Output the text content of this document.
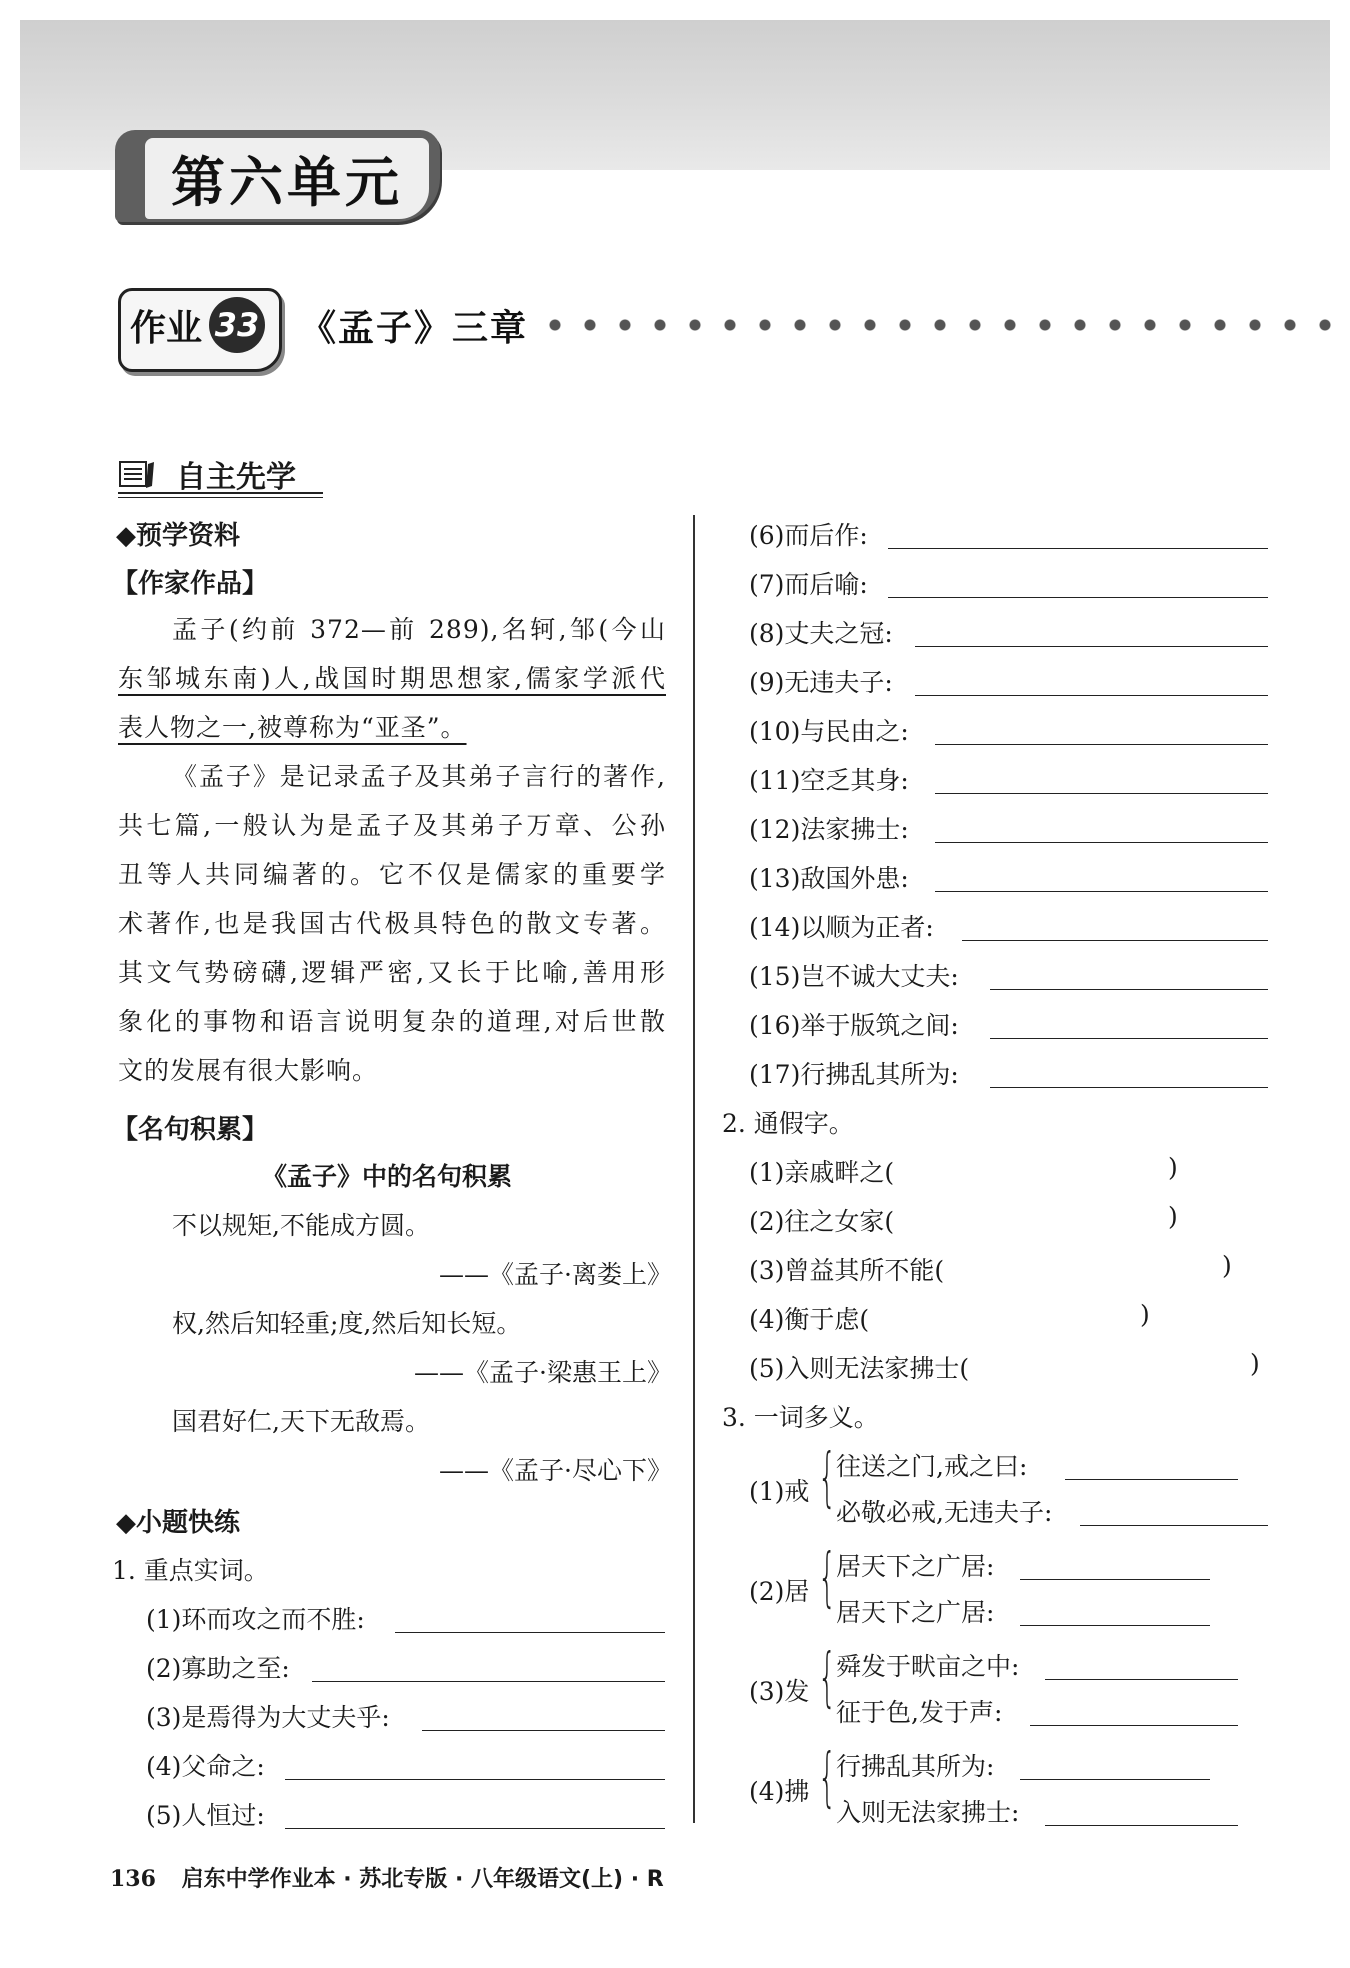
第六单元
作业 33 《孟子》三章
自主先学
◆预学资料
【作家作品】
孟子(约前 372—前 289),名轲,邹(今山
东邹城东南)人,战国时期思想家,儒家学派代
表人物之一,被尊称为“亚圣”。
《孟子》是记录孟子及其弟子言行的著作,
共七篇,一般认为是孟子及其弟子万章、公孙
丑等人共同编著的。它不仅是儒家的重要学
术著作,也是我国古代极具特色的散文专著。
其文气势磅礴,逻辑严密,又长于比喻,善用形
象化的事物和语言说明复杂的道理,对后世散
文的发展有很大影响。
【名句积累】
《孟子》中的名句积累
不以规矩,不能成方圆。
——《孟子·离娄上》
权,然后知轻重;度,然后知长短。
——《孟子·梁惠王上》
国君好仁,天下无敌焉。
——《孟子·尽心下》
◆小题快练
1. 重点实词。
(1)环而攻之而不胜:
(2)寡助之至:
(3)是焉得为大丈夫乎:
(4)父命之:
(5)人恒过:
(6)而后作:
(7)而后喻:
(8)丈夫之冠:
(9)无违夫子:
(10)与民由之:
(11)空乏其身:
(12)法家拂士:
(13)敌国外患:
(14)以顺为正者:
(15)岂不诚大丈夫:
(16)举于版筑之间:
(17)行拂乱其所为:
2. 通假字。
(1)亲戚畔之(	)
(2)往之女家(	)
(3)曾益其所不能(	)
(4)衡于虑(	)
(5)入则无法家拂士(	)
3. 一词多义。
(1)戒 { 往送之门,戒之曰:
必敬必戒,无违夫子:
(2)居 { 居天下之广居:
居天下之广居:
(3)发 { 舜发于畎亩之中:
征于色,发于声:
(4)拂 { 行拂乱其所为:
入则无法家拂士:
136 启东中学作业本 · 苏北专版 · 八年级语文(上) · R
